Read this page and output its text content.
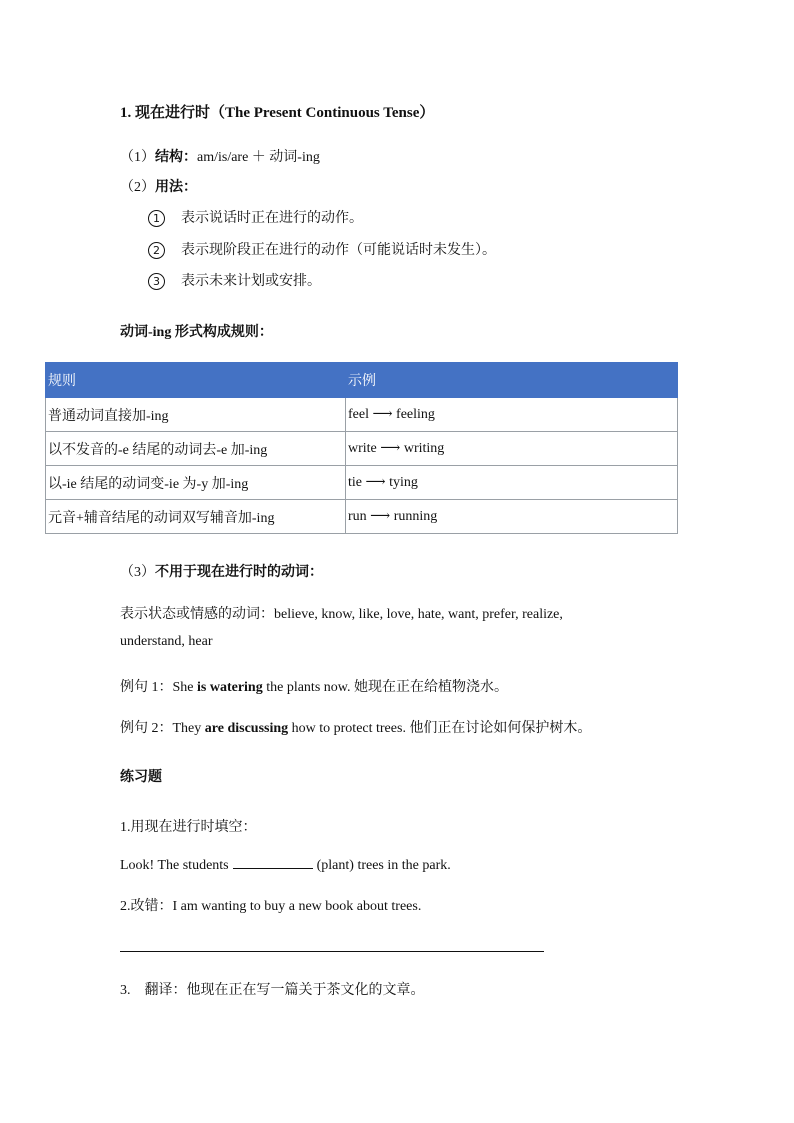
1. 现在进行时（The Present Continuous Tense）
（1）结构：am/is/are ＋ 动词-ing
（2）用法：
1 表示说话时正在进行的动作。
2 表示现阶段正在进行的动作（可能说话时未发生）。
3 表示未来计划或安排。
动词-ing 形式构成规则：
规则	示例
普通动词直接加-ing	feel ⟶ feeling
以不发音的-e 结尾的动词去-e 加-ing	write ⟶ writing
以-ie 结尾的动词变-ie 为-y 加-ing	tie ⟶ tying
元音+辅音结尾的动词双写辅音加-ing	run ⟶ running
（3）不用于现在进行时的动词：
表示状态或情感的动词：believe, know, like, love, hate, want, prefer, realize,
understand, hear
例句 1：She is watering the plants now. 她现在正在给植物浇水。
例句 2：They are discussing how to protect trees. 他们正在讨论如何保护树木。
练习题
1.用现在进行时填空：
Look! The students	(plant) trees in the park.
2.改错：I am wanting to buy a new book about trees.
3. 翻译：他现在正在写一篇关于茶文化的文章。
